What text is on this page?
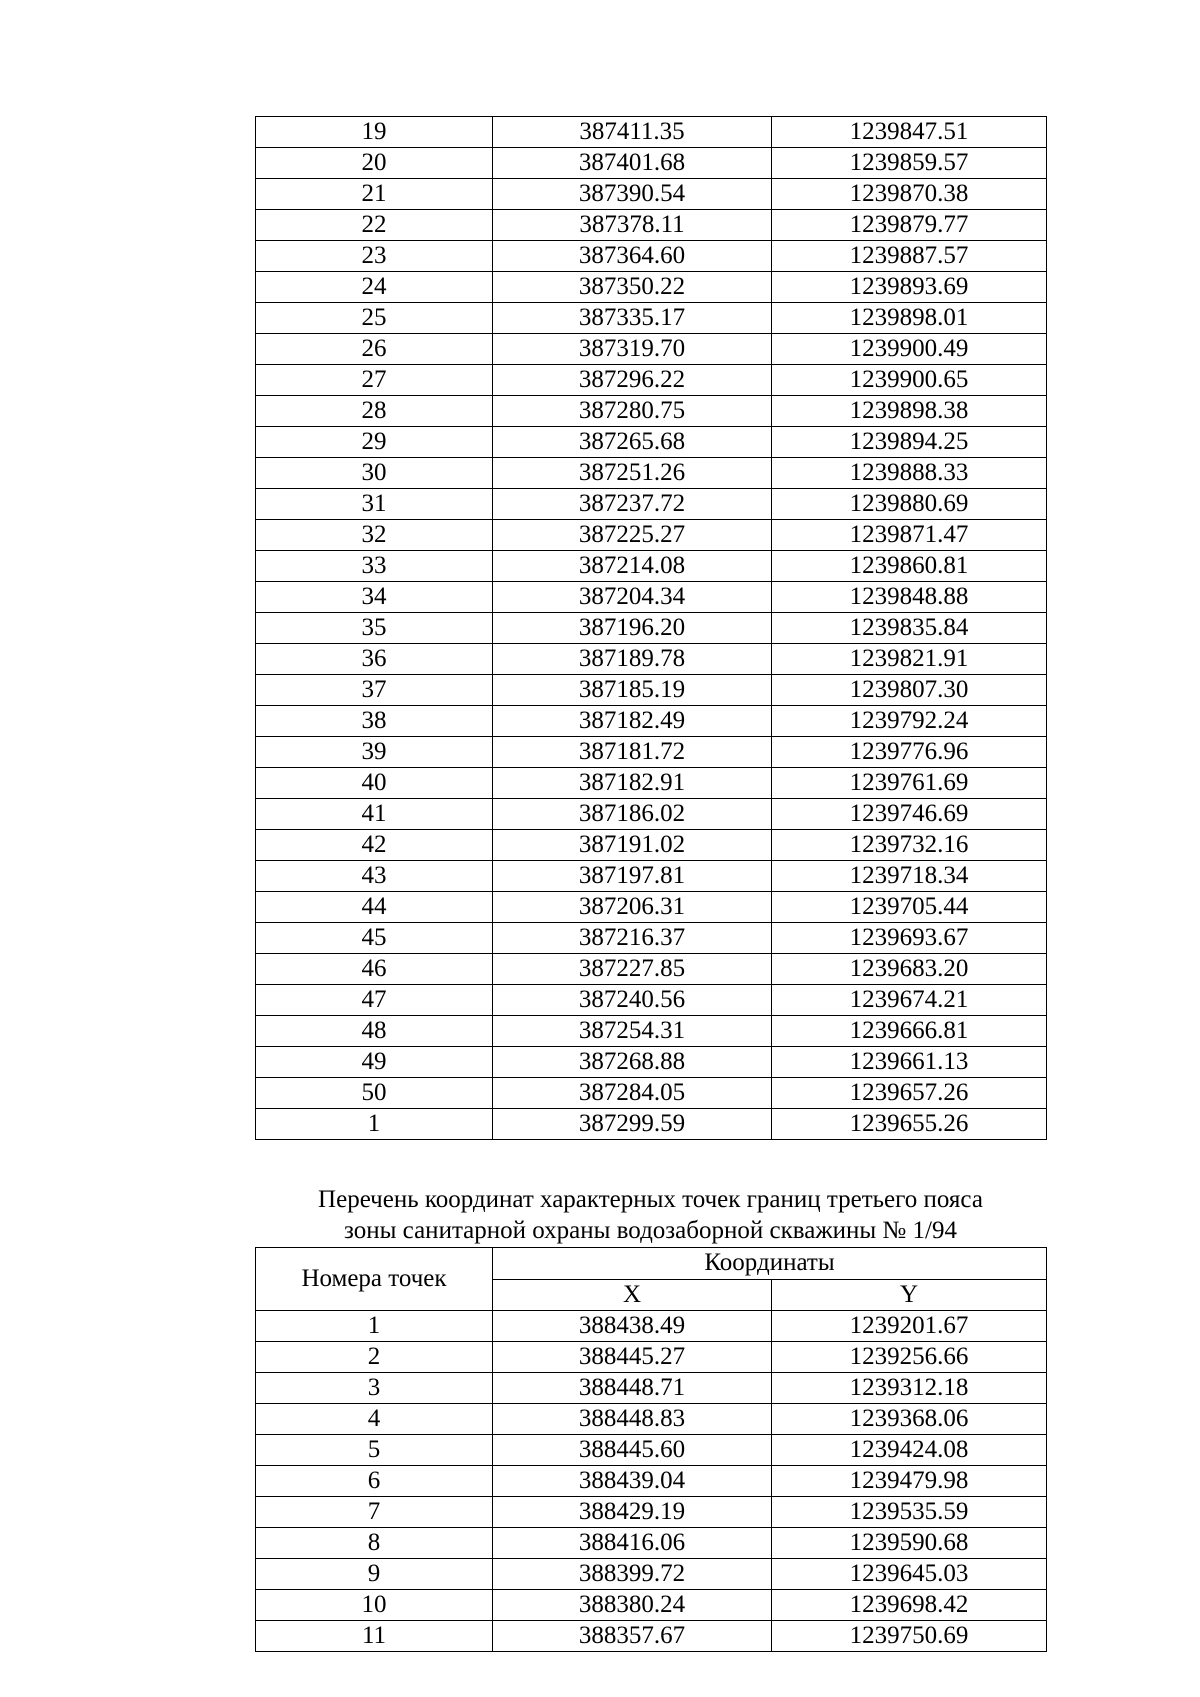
19	387411.35	1239847.51
20	387401.68	1239859.57
21	387390.54	1239870.38
22	387378.11	1239879.77
23	387364.60	1239887.57
24	387350.22	1239893.69
25	387335.17	1239898.01
26	387319.70	1239900.49
27	387296.22	1239900.65
28	387280.75	1239898.38
29	387265.68	1239894.25
30	387251.26	1239888.33
31	387237.72	1239880.69
32	387225.27	1239871.47
33	387214.08	1239860.81
34	387204.34	1239848.88
35	387196.20	1239835.84
36	387189.78	1239821.91
37	387185.19	1239807.30
38	387182.49	1239792.24
39	387181.72	1239776.96
40	387182.91	1239761.69
41	387186.02	1239746.69
42	387191.02	1239732.16
43	387197.81	1239718.34
44	387206.31	1239705.44
45	387216.37	1239693.67
46	387227.85	1239683.20
47	387240.56	1239674.21
48	387254.31	1239666.81
49	387268.88	1239661.13
50	387284.05	1239657.26
1	387299.59	1239655.26
Перечень координат характерных точек границ третьего пояса
зоны санитарной охраны водозаборной скважины № 1/94
Номера точек	Координаты	
	X	Y
1	388438.49	1239201.67
2	388445.27	1239256.66
3	388448.71	1239312.18
4	388448.83	1239368.06
5	388445.60	1239424.08
6	388439.04	1239479.98
7	388429.19	1239535.59
8	388416.06	1239590.68
9	388399.72	1239645.03
10	388380.24	1239698.42
11	388357.67	1239750.69
